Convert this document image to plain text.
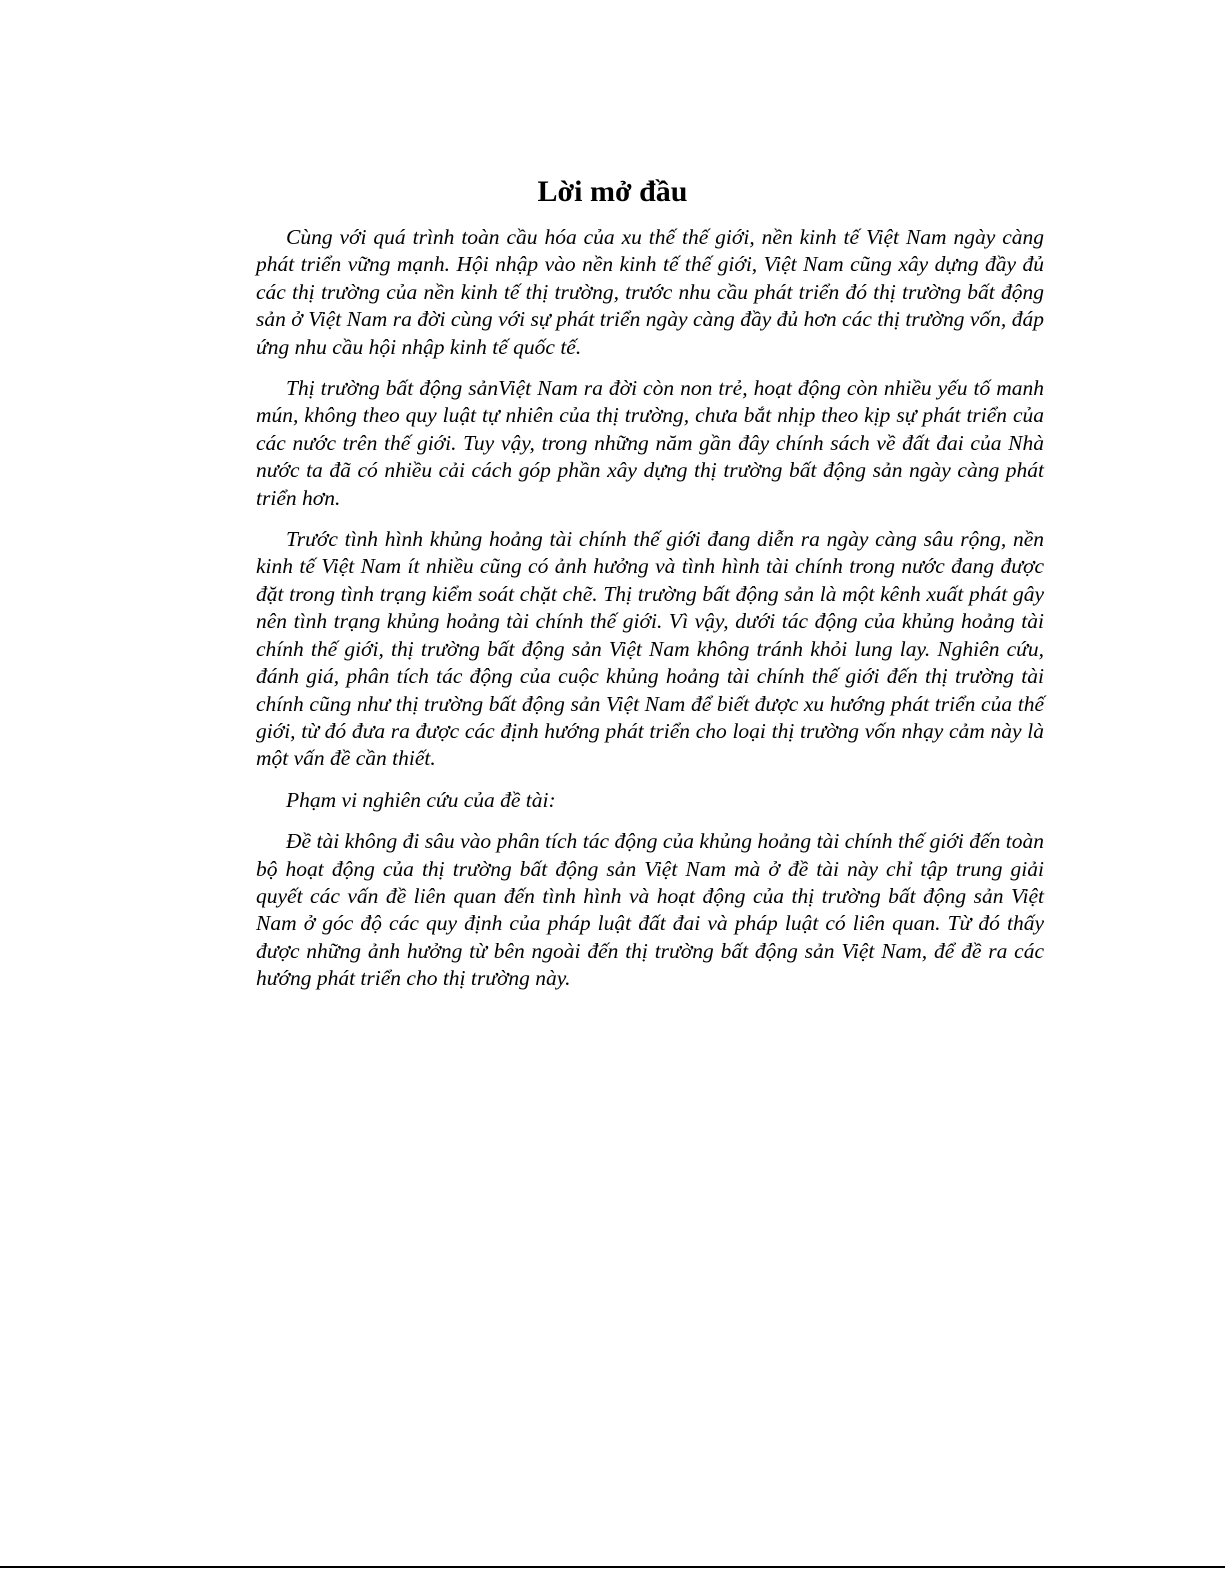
Lời mở đầu

Cùng với quá trình toàn cầu hóa của xu thế thế giới, nền kinh tế Việt Nam ngày càng phát triển vững mạnh. Hội nhập vào nền kinh tế thế giới, Việt Nam cũng xây dựng đầy đủ các thị trường của nền kinh tế thị trường, trước nhu cầu phát triển đó thị trường bất động sản ở Việt Nam ra đời cùng với sự phát triển ngày càng đầy đủ hơn các thị trường vốn, đáp ứng nhu cầu hội nhập kinh tế quốc tế.

Thị trường bất động sảnViệt Nam ra đời còn non trẻ, hoạt động còn nhiều yếu tố manh mún, không theo quy luật tự nhiên của thị trường, chưa bắt nhịp theo kịp sự phát triển của các nước trên thế giới. Tuy vậy, trong những năm gần đây chính sách về đất đai của Nhà nước ta đã có nhiều cải cách góp phần xây dựng thị trường bất động sản ngày càng phát triển hơn.

Trước tình hình khủng hoảng tài chính thế giới đang diễn ra ngày càng sâu rộng, nền kinh tế Việt Nam ít nhiều cũng có ảnh hưởng và tình hình tài chính trong nước đang được đặt trong tình trạng kiểm soát chặt chẽ. Thị trường bất động sản là một kênh xuất phát gây nên tình trạng khủng hoảng tài chính thế giới. Vì vậy, dưới tác động của khủng hoảng tài chính thế giới, thị trường bất động sản Việt Nam không tránh khỏi lung lay. Nghiên cứu, đánh giá, phân tích tác động của cuộc khủng hoảng tài chính thế giới đến thị trường tài chính cũng như thị trường bất động sản Việt Nam để biết được xu hướng phát triển của thế giới, từ đó đưa ra được các định hướng phát triển cho loại thị trường vốn nhạy cảm này là một vấn đề cần thiết.

Phạm vi nghiên cứu của đề tài:

Đề tài không đi sâu vào phân tích tác động của khủng hoảng tài chính thế giới đến toàn bộ hoạt động của thị trường bất động sản Việt Nam mà ở đề tài này chỉ tập trung giải quyết các vấn đề liên quan đến tình hình và hoạt động của thị trường bất động sản Việt Nam ở góc độ các quy định của pháp luật đất đai và pháp luật có liên quan. Từ đó thấy được những ảnh hưởng từ bên ngoài đến thị trường bất động sản Việt Nam, để đề ra các hướng phát triển cho thị trường này.
